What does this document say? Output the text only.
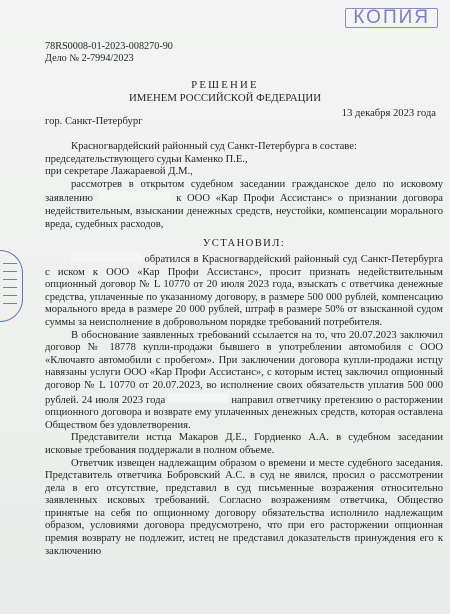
КОПИЯ
78RS0008-01-2023-008270-90
Дело № 2-7994/2023
РЕШЕНИЕ
ИМЕНЕМ РОССИЙСКОЙ ФЕДЕРАЦИИ
гор. Санкт-Петербург
13 декабря 2023 года

Красногвардейский районный суд Санкт-Петербурга в составе:

председательствующего судьи Каменко П.Е.,

при секретаре Лажараевой Д.М.,

рассмотрев в открытом судебном заседании гражданское дело по исковому заявлению	к ООО «Кар Профи Ассистанс» о признании договора недействительным, взыскании денежных средств, неустойки, компенсации морального вреда, судебных расходов,

УСТАНОВИЛ:

обратился в Красногвардейский районный суд Санкт-Петербурга с иском к ООО «Кар Профи Ассистанс», просит признать недействительным опционный договор № L 10770 от 20 июля 2023 года, взыскать с ответчика денежные средства, уплаченные по указанному договору, в размере 500 000 рублей, компенсацию морального вреда в размере 20 000 рублей, штраф в размере 50% от взысканной судом суммы за неисполнение в добровольном порядке требований потребителя.

В обоснование заявленных требований ссылается на то, что 20.07.2023 заключил договор № 18778 купли-продажи бывшего в употреблении автомобиля с ООО «Ключавто автомобили с пробегом». При заключении договора купли-продажи истцу навязаны услуги ООО «Кар Профи Ассистанс», с которым истец заключил опционный договор № L 10770 от 20.07.2023, во исполнение своих обязательств уплатив 500 000 рублей. 24 июля 2023 года	направил ответчику претензию о расторжении опционного договора и возврате ему уплаченных денежных средств, которая оставлена Обществом без удовлетворения.

Представители истца Макаров Д.Е., Гордиенко А.А. в судебном заседании исковые требования поддержали в полном объеме.

Ответчик извещен надлежащим образом о времени и месте судебного заседания. Представитель ответчика Бобровский А.С. в суд не явился, просил о рассмотрении дела в его отсутствие, представил в суд письменные возражения относительно заявленных исковых требований. Согласно возражениям ответчика, Общество принятые на себя по опционному договору обязательства исполнило надлежащим образом, условиями договора предусмотрено, что при его расторжении опционная премия возврату не подлежит, истец не представил доказательств принуждения его к заключению
